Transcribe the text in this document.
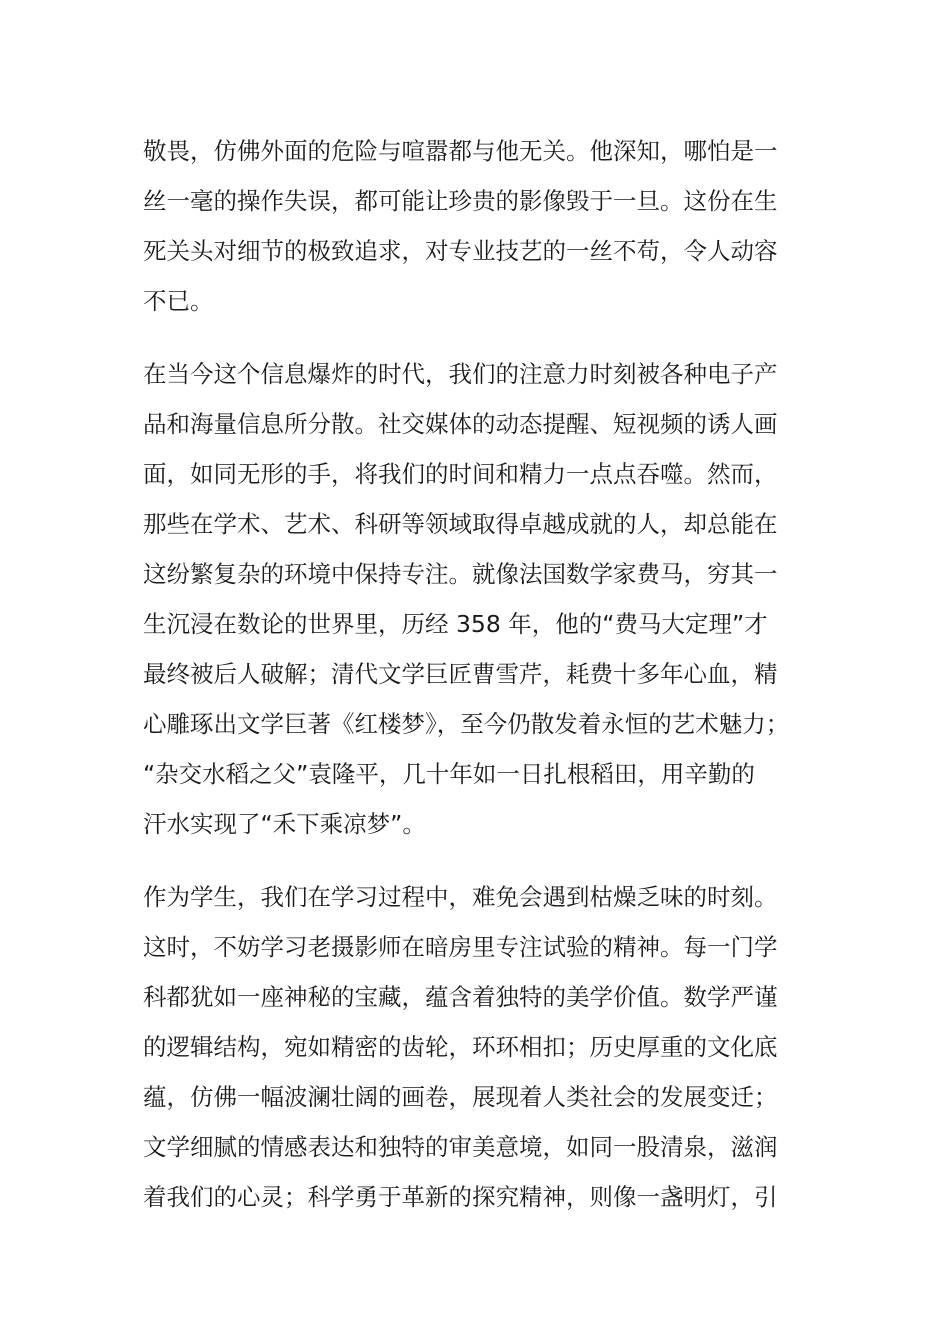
敬畏，仿佛外面的危险与喧嚣都与他无关。他深知，哪怕是一
丝一毫的操作失误，都可能让珍贵的影像毁于一旦。这份在生
死关头对细节的极致追求，对专业技艺的一丝不苟，令人动容
不已。

在当今这个信息爆炸的时代，我们的注意力时刻被各种电子产
品和海量信息所分散。社交媒体的动态提醒、短视频的诱人画
面，如同无形的手，将我们的时间和精力一点点吞噬。然而，
那些在学术、艺术、科研等领域取得卓越成就的人，却总能在
这纷繁复杂的环境中保持专注。就像法国数学家费马，穷其一
生沉浸在数论的世界里，历经 358 年，他的“费马大定理”才
最终被后人破解；清代文学巨匠曹雪芹，耗费十多年心血，精
心雕琢出文学巨著《红楼梦》，至今仍散发着永恒的艺术魅力；
“杂交水稻之父”袁隆平，几十年如一日扎根稻田，用辛勤的
汗水实现了“禾下乘凉梦”。

作为学生，我们在学习过程中，难免会遇到枯燥乏味的时刻。
这时，不妨学习老摄影师在暗房里专注试验的精神。每一门学
科都犹如一座神秘的宝藏，蕴含着独特的美学价值。数学严谨
的逻辑结构，宛如精密的齿轮，环环相扣；历史厚重的文化底
蕴，仿佛一幅波澜壮阔的画卷，展现着人类社会的发展变迁；
文学细腻的情感表达和独特的审美意境，如同一股清泉，滋润
着我们的心灵；科学勇于革新的探究精神，则像一盏明灯，引
